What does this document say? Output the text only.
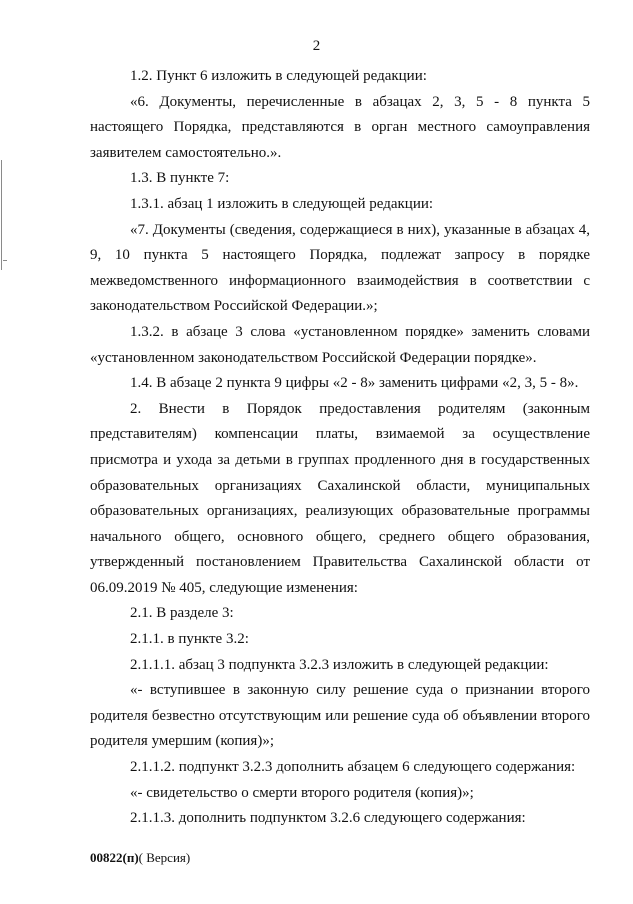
2

1.2. Пункт 6 изложить в следующей редакции:

«6. Документы, перечисленные в абзацах 2, 3, 5 - 8 пункта 5 настоящего Порядка, представляются в орган местного самоуправления заявителем самостоятельно.».

1.3. В пункте 7:

1.3.1. абзац 1 изложить в следующей редакции:

«7. Документы (сведения, содержащиеся в них), указанные в абзацах 4, 9, 10 пункта 5 настоящего Порядка, подлежат запросу в порядке межведомственного информационного взаимодействия в соответствии с законодательством Российской Федерации.»;

1.3.2. в абзаце 3 слова «установленном порядке» заменить словами «установленном законодательством Российской Федерации порядке».

1.4. В абзаце 2 пункта 9 цифры «2 - 8» заменить цифрами «2, 3, 5 - 8».

2. Внести в Порядок предоставления родителям (законным представителям) компенсации платы, взимаемой за осуществление присмотра и ухода за детьми в группах продленного дня в государственных образовательных организациях Сахалинской области, муниципальных образовательных организациях, реализующих образовательные программы начального общего, основного общего, среднего общего образования, утвержденный постановлением Правительства Сахалинской области от 06.09.2019 № 405, следующие изменения:

2.1. В разделе 3:

2.1.1. в пункте 3.2:

2.1.1.1. абзац 3 подпункта 3.2.3 изложить в следующей редакции:

«- вступившее в законную силу решение суда о признании второго родителя безвестно отсутствующим или решение суда об объявлении второго родителя умершим (копия)»;

2.1.1.2. подпункт 3.2.3 дополнить абзацем 6 следующего содержания:

«- свидетельство о смерти второго родителя (копия)»;

2.1.1.3. дополнить подпунктом 3.2.6 следующего содержания:

00822(п)( Версия)
